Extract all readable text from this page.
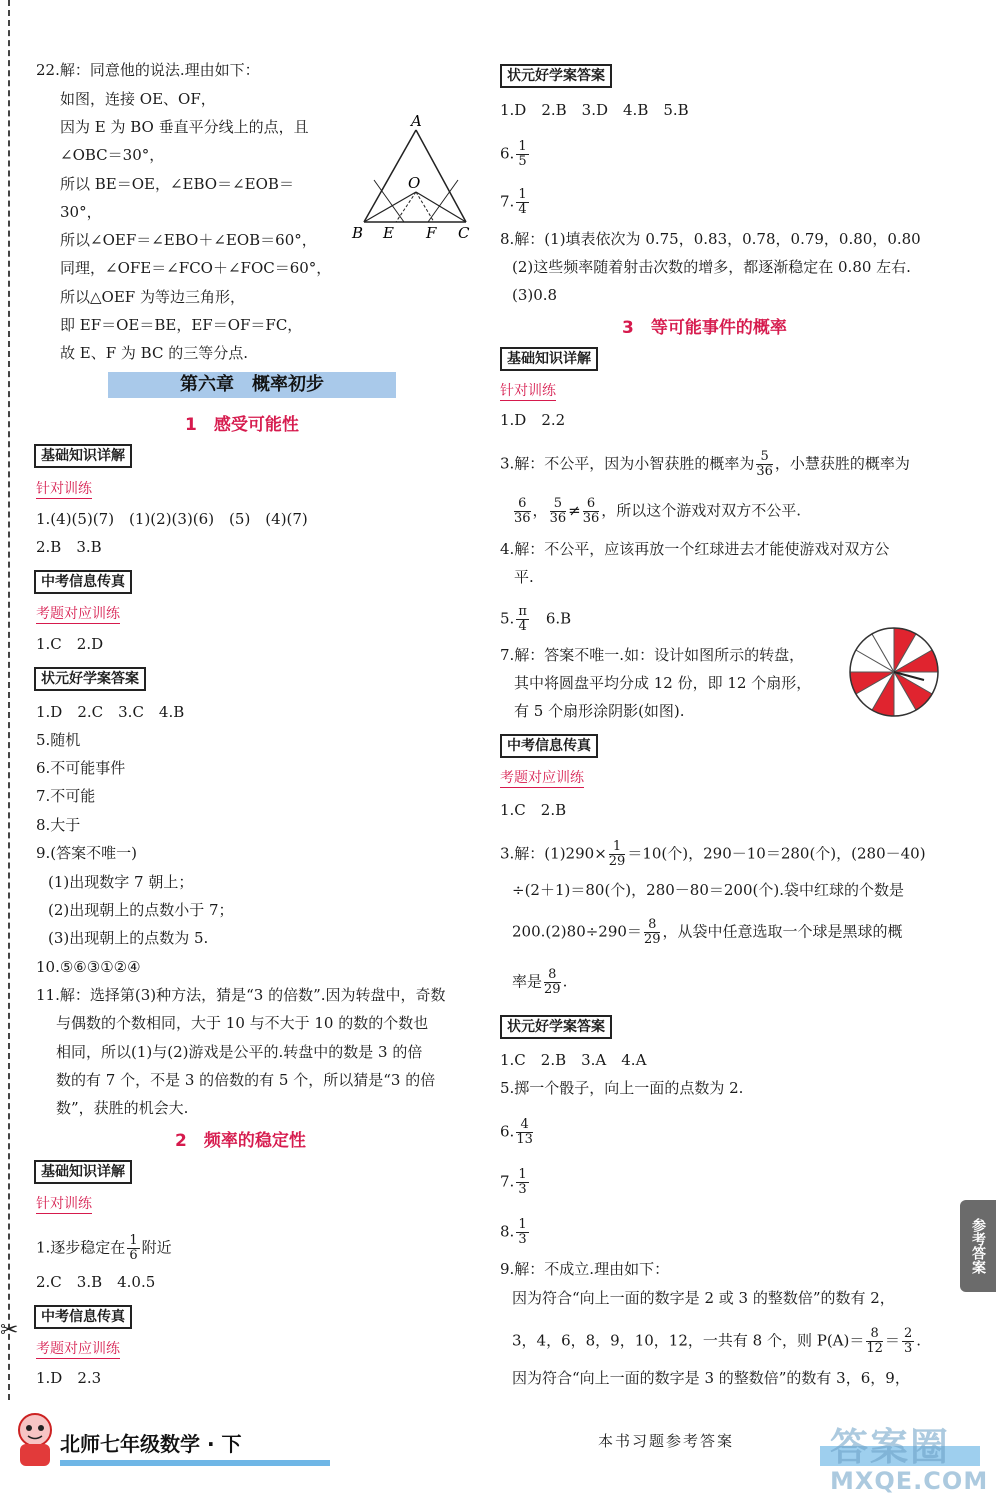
✂
22.解：同意他的说法.理由如下：
如图，连接 OE、OF，
因为 E 为 BO 垂直平分线上的点，且
∠OBC＝30°，
所以 BE＝OE，∠EBO＝∠EOB＝
30°，
所以∠OEF＝∠EBO＋∠EOB＝60°，
同理，∠OFE＝∠FCO＋∠FOC＝60°，
所以△OEF 为等边三角形，
即 EF＝OE＝BE，EF＝OF＝FC，
故 E、F 为 BC 的三等分点.
A
O
B E F C
第六章　概率初步
1　感受可能性
基础知识详解
针对训练
1.(4)(5)(7)　(1)(2)(3)(6)　(5)　(4)(7)
2.B　3.B
中考信息传真
考题对应训练
1.C　2.D
状元好学案答案
1.D　2.C　3.C　4.B
5.随机
6.不可能事件
7.不可能
8.大于
9.(答案不唯一)
(1)出现数字 7 朝上；
(2)出现朝上的点数小于 7；
(3)出现朝上的点数为 5.
10.⑤⑥③①②④
11.解：选择第(3)种方法，猜是“3 的倍数”.因为转盘中，奇数
与偶数的个数相同，大于 10 与不大于 10 的数的个数也
相同，所以(1)与(2)游戏是公平的.转盘中的数是 3 的倍
数的有 7 个，不是 3 的倍数的有 5 个，所以猜是“3 的倍
数”，获胜的机会大.
2　频率的稳定性
基础知识详解
针对训练
1.逐步稳定在 $\frac{1}{6}$ 附近
2.C　3.B　4.0.5
中考信息传真
考题对应训练
1.D　2.3
状元好学案答案
1.D　2.B　3.D　4.B　5.B
6. $\frac{1}{5}$
7. $\frac{1}{4}$
8.解：(1)填表依次为 0.75，0.83，0.78，0.79，0.80，0.80
(2)这些频率随着射击次数的增多，都逐渐稳定在 0.80 左右.
(3)0.8
3　等可能事件的概率
基础知识详解
针对训练
1.D　2.2
3.解：不公平，因为小智获胜的概率为 $\frac{5}{36}$ ，小慧获胜的概率为
$\frac{6}{36}$ ， $\frac{5}{36} \ne \frac{6}{36}$ ，所以这个游戏对双方不公平.
4.解：不公平，应该再放一个红球进去才能使游戏对双方公
平.
5. $\frac{\pi}{4}$ 　6.B
7.解：答案不唯一.如：设计如图所示的转盘，
其中将圆盘平均分成 12 份，即 12 个扇形，
有 5 个扇形涂阴影(如图).
中考信息传真
考题对应训练
1.C　2.B
3.解：$(1)290\times \frac{1}{29} =10$(个)，290－10＝280(个)，(280－40)
÷(2＋1)＝80(个)，280－80＝200(个).袋中红球的个数是
$200.(2)80\div 290= \frac{8}{29}$ ，从袋中任意选取一个球是黑球的概
率是 $\frac{8}{29}$ .
状元好学案答案
1.C　2.B　3.A　4.A
5.掷一个骰子，向上一面的点数为 2.
6. $\frac{4}{13}$
7. $\frac{1}{3}$
8. $\frac{1}{3}$
9.解：不成立.理由如下：
因为符合“向上一面的数字是 2 或 3 的整数倍”的数有 2，
3，4，6，8，9，10，12，一共有 8 个，则 $P(A)= \frac{8}{12} = \frac{2}{3}$ .
因为符合“向上一面的数字是 3 的整数倍”的数有 3，6，9，
参考答案
北师七年级数学 · 下	本书习题参考答案	答案圈
MXQE.COM
